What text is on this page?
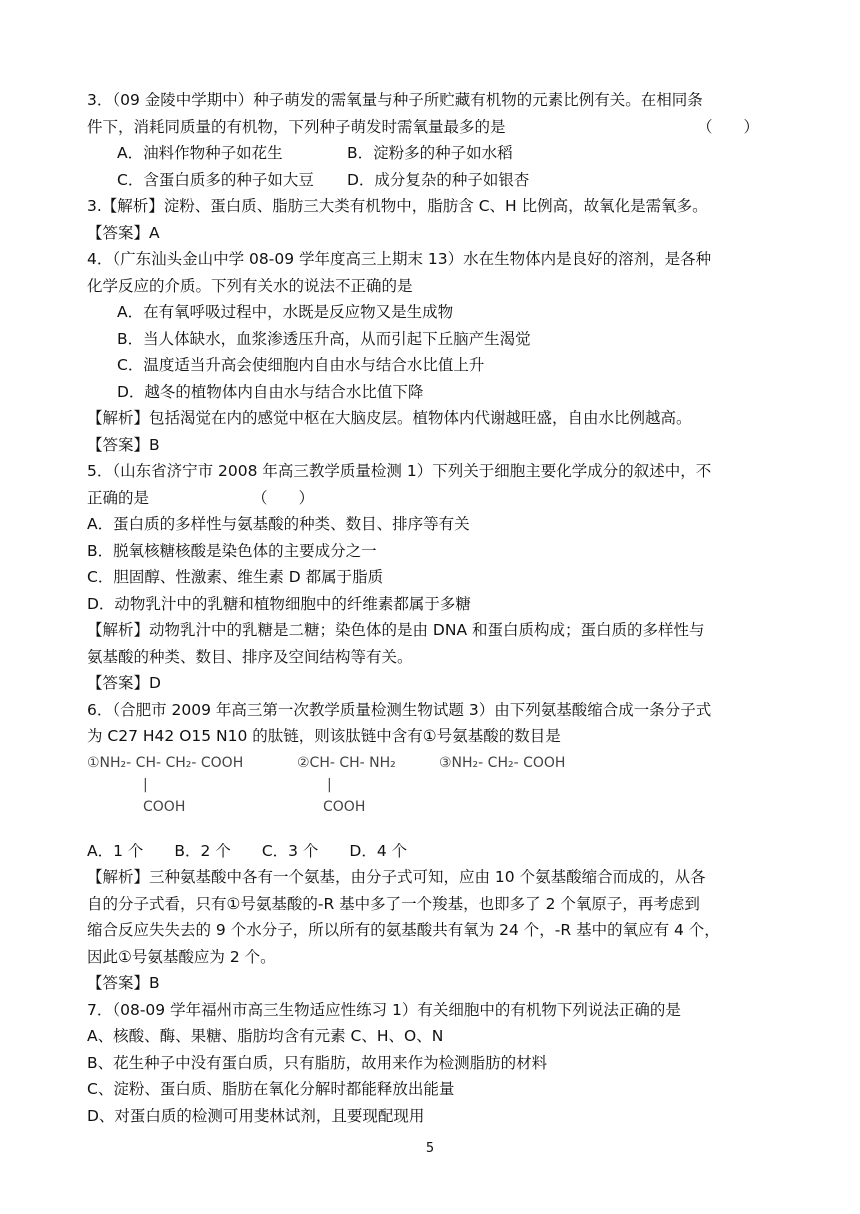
3．（09 金陵中学期中）种子萌发的需氧量与种子所贮藏有机物的元素比例有关。在相同条
件下，消耗同质量的有机物，下列种子萌发时需氧量最多的是	（　　）
A．油料作物种子如花生	B．淀粉多的种子如水稻
C．含蛋白质多的种子如大豆 D．成分复杂的种子如银杏
3.【解析】淀粉、蛋白质、脂肪三大类有机物中，脂肪含 C、H 比例高，故氧化是需氧多。
【答案】A
4．（广东汕头金山中学 08-09 学年度高三上期末 13）水在生物体内是良好的溶剂，是各种
化学反应的介质。下列有关水的说法不正确的是
A．在有氧呼吸过程中，水既是反应物又是生成物
B．当人体缺水，血浆渗透压升高，从而引起下丘脑产生渴觉
C．温度适当升高会使细胞内自由水与结合水比值上升
D．越冬的植物体内自由水与结合水比值下降
【解析】包括渴觉在内的感觉中枢在大脑皮层。植物体内代谢越旺盛，自由水比例越高。
【答案】B
5．（山东省济宁市 2008 年高三教学质量检测 1）下列关于细胞主要化学成分的叙述中，不
正确的是	（　　）
A．蛋白质的多样性与氨基酸的种类、数目、排序等有关
B．脱氧核糖核酸是染色体的主要成分之一
C．胆固醇、性激素、维生素 D 都属于脂质
D．动物乳汁中的乳糖和植物细胞中的纤维素都属于多糖
【解析】动物乳汁中的乳糖是二糖；染色体的是由 DNA 和蛋白质构成；蛋白质的多样性与
氨基酸的种类、数目、排序及空间结构等有关。
【答案】D
6．（合肥市 2009 年高三第一次教学质量检测生物试题 3）由下列氨基酸缩合成一条分子式
为 C27 H42 O15 N10 的肽链，则该肽链中含有①号氨基酸的数目是
①NH₂- CH- CH₂- COOH
|
COOH
②CH- CH- NH₂
|
COOH
③NH₂- CH₂- COOH
A．1 个　　B．2 个　　C．3 个　　D．4 个
【解析】三种氨基酸中各有一个氨基，由分子式可知，应由 10 个氨基酸缩合而成的，从各
自的分子式看，只有①号氨基酸的-R 基中多了一个羧基，也即多了 2 个氧原子，再考虑到
缩合反应失失去的 9 个水分子，所以所有的氨基酸共有氧为 24 个，-R 基中的氧应有 4 个，
因此①号氨基酸应为 2 个。
【答案】B
7．（08-09 学年福州市高三生物适应性练习 1）有关细胞中的有机物下列说法正确的是
A、核酸、酶、果糖、脂肪均含有元素 C、H、O、N
B、花生种子中没有蛋白质，只有脂肪，故用来作为检测脂肪的材料
C、淀粉、蛋白质、脂肪在氧化分解时都能释放出能量
D、对蛋白质的检测可用斐林试剂，且要现配现用
5
